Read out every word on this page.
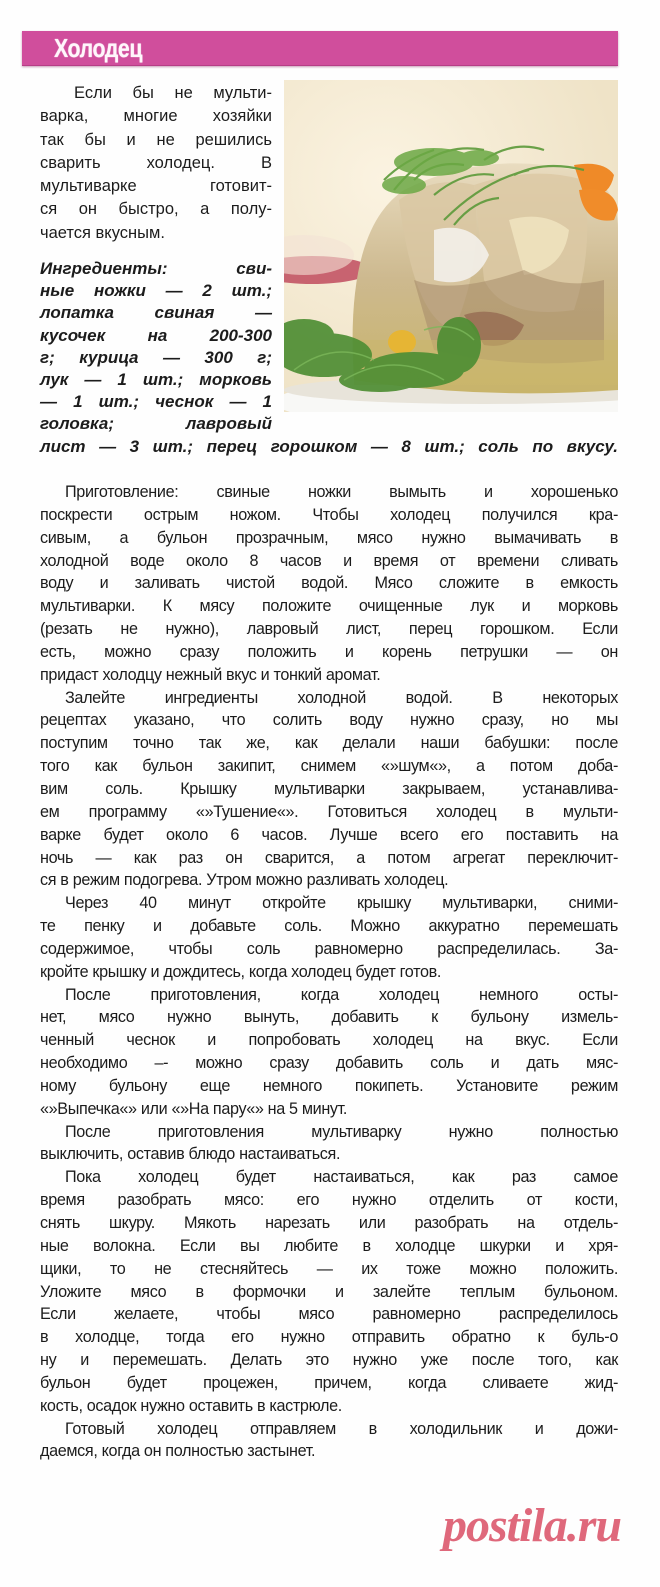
Холодец
Если бы не мульти-
варка, многие хозяйки
так бы и не решились
сварить холодец. В
мультиварке готовит-
ся он быстро, а полу-
чается вкусным.
Ингредиенты: сви-
ные ножки — 2 шт.;
лопатка свиная —
кусочек на 200-300
г; курица — 300 г;
лук — 1 шт.; морковь
— 1 шт.; чеснок — 1
головка; лавровый
лист — 3 шт.; перец горошком — 8 шт.; соль по вкусу.
Приготовление: свиные ножки вымыть и хорошенько
поскрести острым ножом. Чтобы холодец получился кра-
сивым, а бульон прозрачным, мясо нужно вымачивать в
холодной воде около 8 часов и время от времени сливать
воду и заливать чистой водой. Мясо сложите в емкость
мультиварки. К мясу положите очищенные лук и морковь
(резать не нужно), лавровый лист, перец горошком. Если
есть, можно сразу положить и корень петрушки — он
придаст холодцу нежный вкус и тонкий аромат.
Залейте ингредиенты холодной водой. В некоторых
рецептах указано, что солить воду нужно сразу, но мы
поступим точно так же, как делали наши бабушки: после
того как бульон закипит, снимем «»шум«», а потом доба-
вим соль. Крышку мультиварки закрываем, устанавлива-
ем программу «»Тушение«». Готовиться холодец в мульти-
варке будет около 6 часов. Лучше всего его поставить на
ночь — как раз он сварится, а потом агрегат переключит-
ся в режим подогрева. Утром можно разливать холодец.
Через 40 минут откройте крышку мультиварки, сними-
те пенку и добавьте соль. Можно аккуратно перемешать
содержимое, чтобы соль равномерно распределилась. За-
кройте крышку и дождитесь, когда холодец будет готов.
После приготовления, когда холодец немного осты-
нет, мясо нужно вынуть, добавить к бульону измель-
ченный чеснок и попробовать холодец на вкус. Если
необходимо –- можно сразу добавить соль и дать мяс-
ному бульону еще немного покипеть. Установите режим
«»Выпечка«» или «»На пару«» на 5 минут.
После приготовления мультиварку нужно полностью
выключить, оставив блюдо настаиваться.
Пока холодец будет настаиваться, как раз самое
время разобрать мясо: его нужно отделить от кости,
снять шкуру. Мякоть нарезать или разобрать на отдель-
ные волокна. Если вы любите в холодце шкурки и хря-
щики, то не стесняйтесь — их тоже можно положить.
Уложите мясо в формочки и залейте теплым бульоном.
Если желаете, чтобы мясо равномерно распределилось
в холодце, тогда его нужно отправить обратно к буль-о
ну и перемешать. Делать это нужно уже после того, как
бульон будет процежен, причем, когда сливаете жид-
кость, осадок нужно оставить в кастрюле.
Готовый холодец отправляем в холодильник и дожи-
даемся, когда он полностью застынет.
postila.ru
